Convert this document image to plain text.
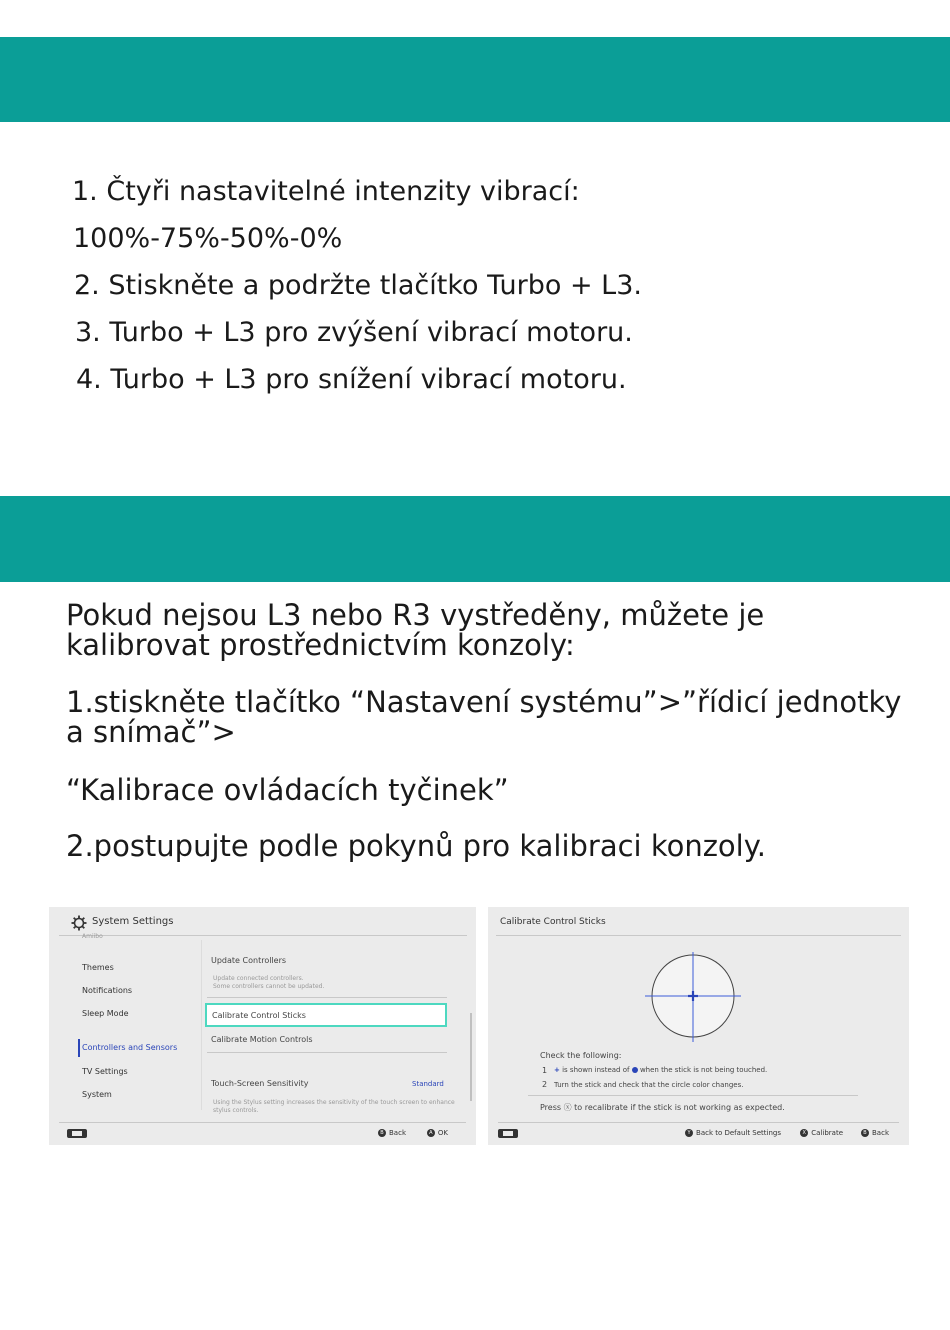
1. Čtyři nastavitelné intenzity vibrací:
100%-75%-50%-0%
2. Stiskněte a podržte tlačítko Turbo + L3.
3. Turbo + L3 pro zvýšení vibrací motoru.
4. Turbo + L3 pro snížení vibrací motoru.
Pokud nejsou L3 nebo R3 vystředěny, můžete je kalibrovat prostřednictvím konzoly:
1.stiskněte tlačítko “Nastavení systému”>”řídicí jednotky a snímač”>
“Kalibrace ovládacích tyčinek”
2.postupujte podle pokynů pro kalibraci konzoly.
System Settings
Amiibo
Themes
Notifications
Sleep Mode
Controllers and Sensors
TV Settings
System
Update Controllers
Update connected controllers.
Some controllers cannot be updated.
Calibrate Control Sticks
Calibrate Motion Controls
Touch-Screen Sensitivity	Standard
Using the Stylus setting increases the sensitivity of the touch screen to enhance
stylus controls.
B Back	A OK
Calibrate Control Sticks
Check the following:
1 + is shown instead of when the stick is not being touched.
2 Turn the stick and check that the circle color changes.
Press ⓧ to recalibrate if the stick is not working as expected.
Y Back to Default Settings	X Calibrate	B Back
